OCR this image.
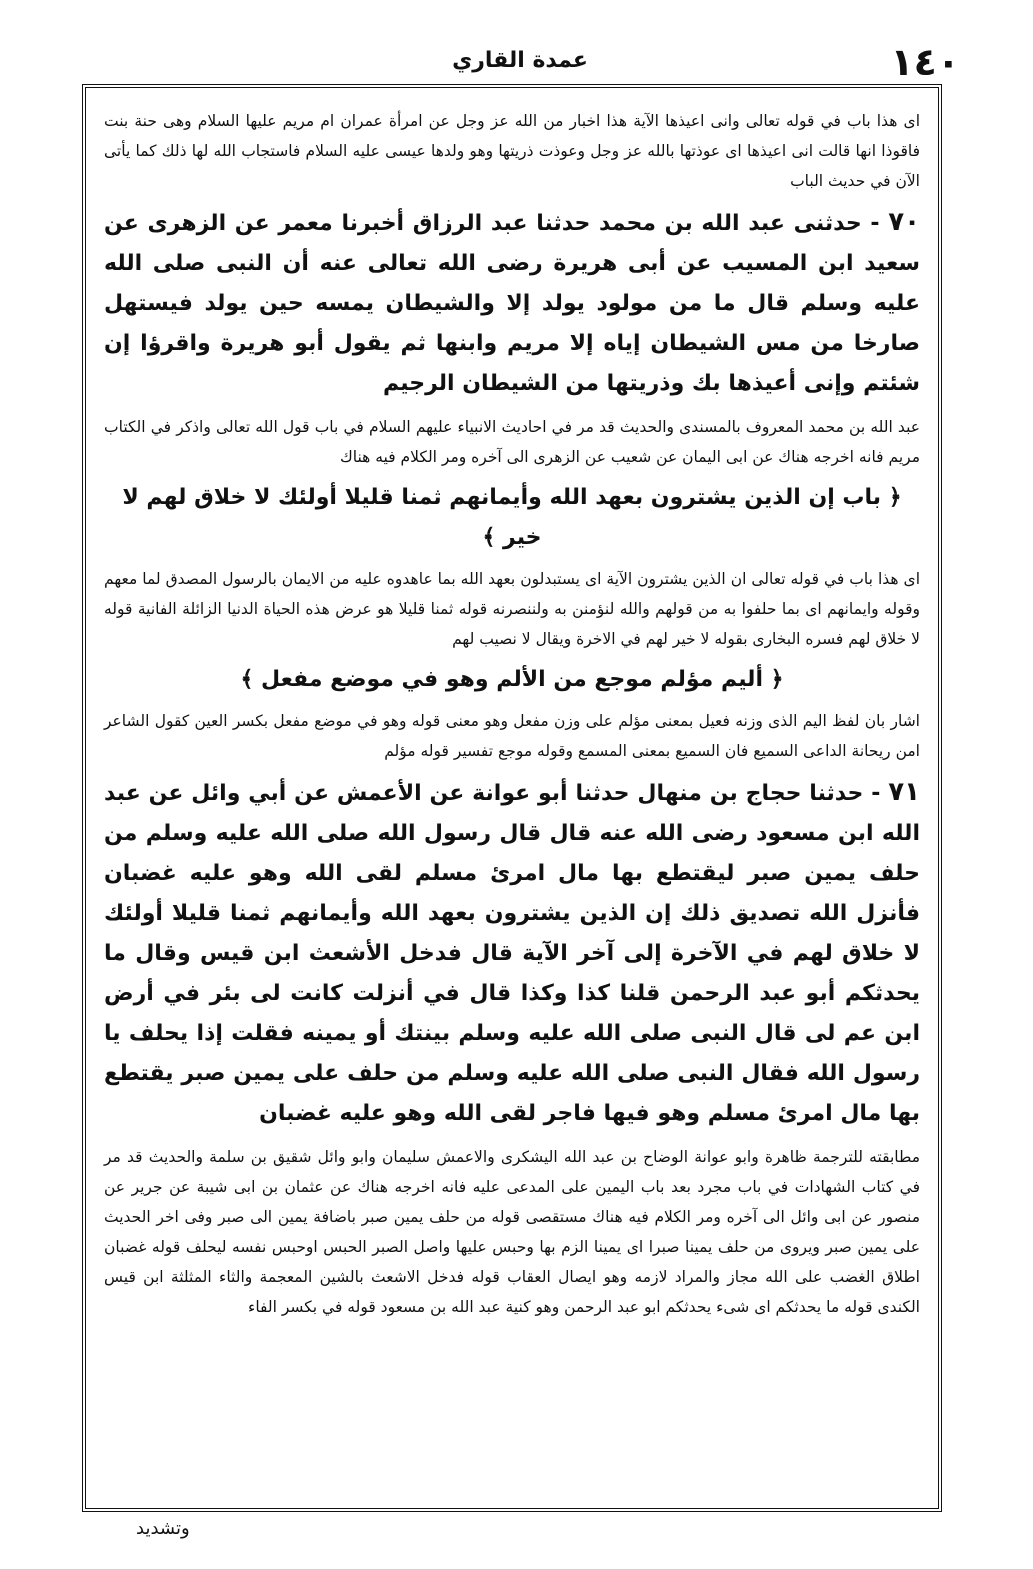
١٤٠
عمدة القاري

اى هذا باب في قوله تعالى وانى اعيذها الآية هذا اخبار من الله عز وجل عن امرأة عمران ام مريم عليها السلام وهى حنة بنت فاقوذا انها قالت انى اعيذها اى عوذتها بالله عز وجل وعوذت ذريتها وهو ولدها عيسى عليه السلام فاستجاب الله لها ذلك كما يأتى الآن في حديث الباب

٧٠ - حدثنى عبد الله بن محمد حدثنا عبد الرزاق أخبرنا معمر عن الزهرى عن سعيد ابن المسيب عن أبى هريرة رضى الله تعالى عنه أن النبى صلى الله عليه وسلم قال ما من مولود يولد إلا والشيطان يمسه حين يولد فيستهل صارخا من مس الشيطان إياه إلا مريم وابنها ثم يقول أبو هريرة واقرؤا إن شئتم وإنى أعيذها بك وذريتها من الشيطان الرجيم

عبد الله بن محمد المعروف بالمسندى والحديث قد مر في احاديث الانبياء عليهم السلام في باب قول الله تعالى واذكر في الكتاب مريم فانه اخرجه هناك عن ابى اليمان عن شعيب عن الزهرى الى آخره ومر الكلام فيه هناك

﴿ باب إن الذين يشترون بعهد الله وأيمانهم ثمنا قليلا أولئك لا خلاق لهم لا خير ﴾

اى هذا باب في قوله تعالى ان الذين يشترون الآية اى يستبدلون بعهد الله بما عاهدوه عليه من الايمان بالرسول المصدق لما معهم وقوله وايمانهم اى بما حلفوا به من قولهم والله لنؤمنن به ولننصرنه قوله ثمنا قليلا هو عرض هذه الحياة الدنيا الزائلة الفانية قوله لا خلاق لهم فسره البخارى بقوله لا خير لهم في الاخرة ويقال لا نصيب لهم

﴿ أليم مؤلم موجع من الألم وهو في موضع مفعل ﴾

اشار بان لفظ اليم الذى وزنه فعيل بمعنى مؤلم على وزن مفعل وهو معنى قوله وهو في موضع مفعل بكسر العين كقول الشاعر امن ريحانة الداعى السميع فان السميع بمعنى المسمع وقوله موجع تفسير قوله مؤلم

٧١ - حدثنا حجاج بن منهال حدثنا أبو عوانة عن الأعمش عن أبي وائل عن عبد الله ابن مسعود رضى الله عنه قال قال رسول الله صلى الله عليه وسلم من حلف يمين صبر ليقتطع بها مال امرئ مسلم لقى الله وهو عليه غضبان فأنزل الله تصديق ذلك إن الذين يشترون بعهد الله وأيمانهم ثمنا قليلا أولئك لا خلاق لهم في الآخرة إلى آخر الآية قال فدخل الأشعث ابن قيس وقال ما يحدثكم أبو عبد الرحمن قلنا كذا وكذا قال في أنزلت كانت لى بئر في أرض ابن عم لى قال النبى صلى الله عليه وسلم بينتك أو يمينه فقلت إذا يحلف يا رسول الله فقال النبى صلى الله عليه وسلم من حلف على يمين صبر يقتطع بها مال امرئ مسلم وهو فيها فاجر لقى الله وهو عليه غضبان

مطابقته للترجمة ظاهرة وابو عوانة الوضاح بن عبد الله اليشكرى والاعمش سليمان وابو وائل شقيق بن سلمة والحديث قد مر في كتاب الشهادات في باب مجرد بعد باب اليمين على المدعى عليه فانه اخرجه هناك عن عثمان بن ابى شيبة عن جرير عن منصور عن ابى وائل الى آخره ومر الكلام فيه هناك مستقصى قوله من حلف يمين صبر باضافة يمين الى صبر وفى اخر الحديث على يمين صبر ويروى من حلف يمينا صبرا اى يمينا الزم بها وحبس عليها واصل الصبر الحبس اوحبس نفسه ليحلف قوله غضبان اطلاق الغضب على الله مجاز والمراد لازمه وهو ايصال العقاب قوله فدخل الاشعث بالشين المعجمة والثاء المثلثة ابن قيس الكندى قوله ما يحدثكم اى شىء يحدثكم ابو عبد الرحمن وهو كنية عبد الله بن مسعود قوله في بكسر الفاء

وتشديد
